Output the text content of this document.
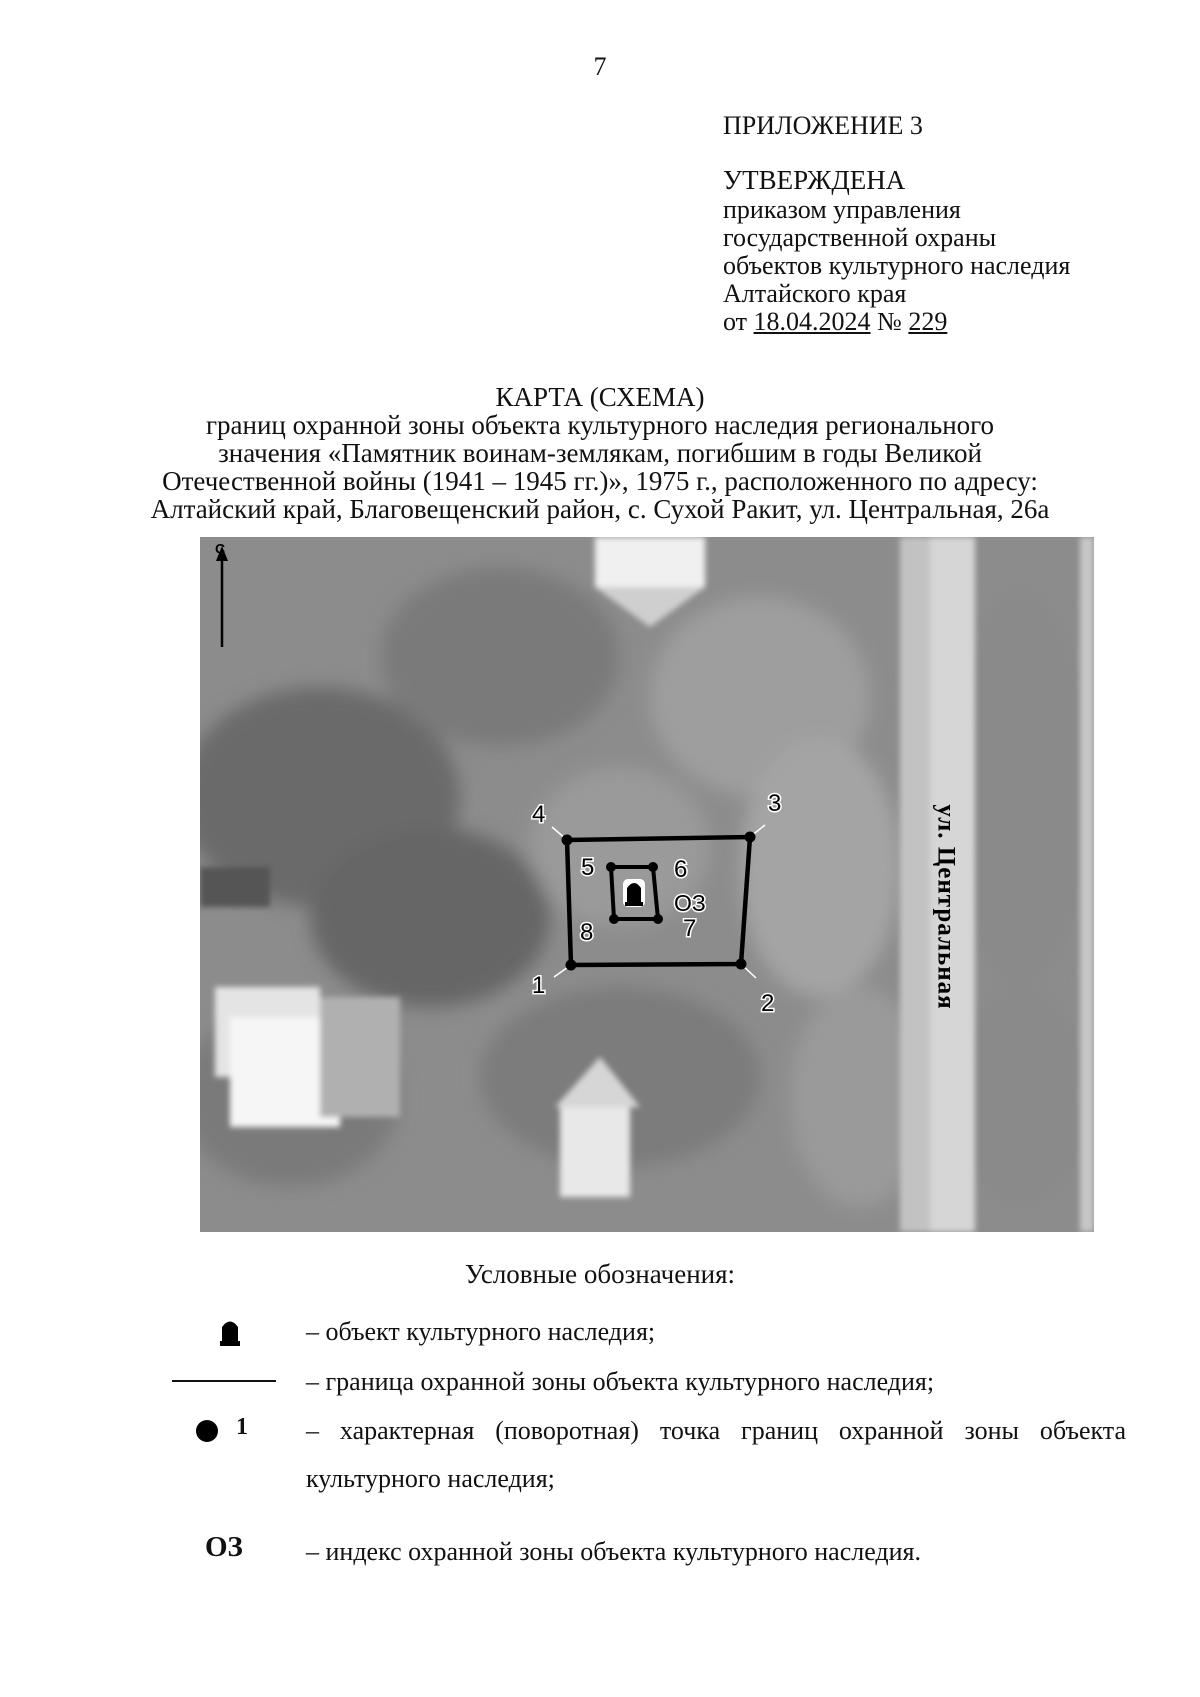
7
ПРИЛОЖЕНИЕ 3
УТВЕРЖДЕНА
приказом управления
государственной охраны
объектов культурного наследия
Алтайского края
от 18.04.2024 № 229
КАРТА (СХЕМА)
границ охранной зоны объекта культурного наследия регионального
значения «Памятник воинам-землякам, погибшим в годы Великой
Отечественной войны (1941 – 1945 гг.)», 1975 г., расположенного по адресу:
Алтайский край, Благовещенский район, с. Сухой Ракит, ул. Центральная, 26а
С
ул. Центральная
1
2
3
4
5	6
7
8
ОЗ
Условные обозначения:
– объект культурного наследия;
– граница охранной зоны объекта культурного наследия;
1 – характерная (поворотная) точка границ охранной зоны объекта культурного наследия;
ОЗ – индекс охранной зоны объекта культурного наследия.
